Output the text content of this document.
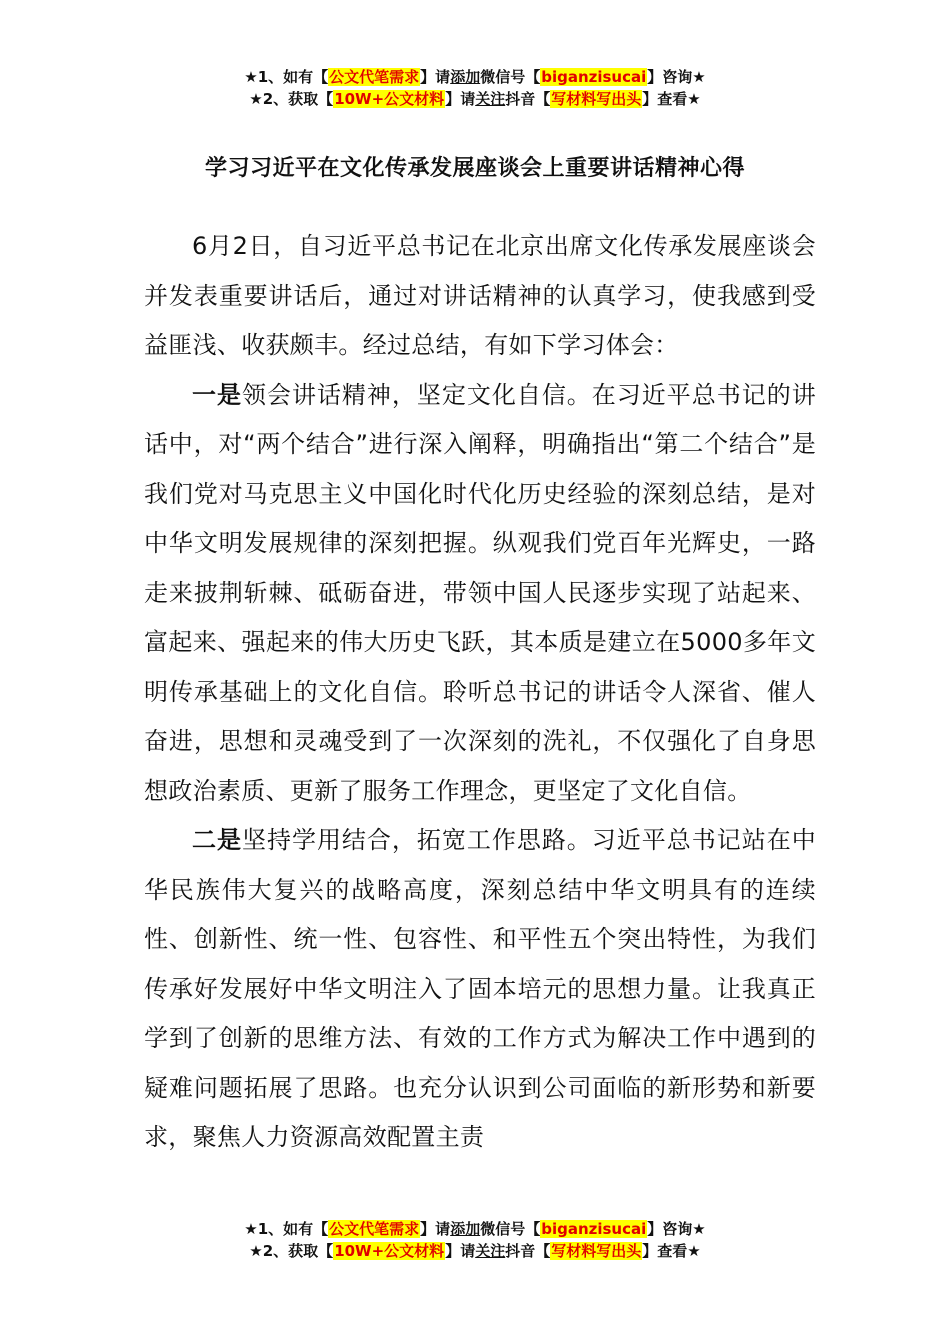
★1、如有【公文代笔需求】请添加微信号【biganzisucai】咨询★
★2、获取【10W+公文材料】请关注抖音【写材料写出头】查看★
学习习近平在文化传承发展座谈会上重要讲话精神心得

6月2日，自习近平总书记在北京出席文化传承发展座谈会并发表重要讲话后，通过对讲话精神的认真学习，使我感到受益匪浅、收获颇丰。经过总结，有如下学习体会：

一是领会讲话精神，坚定文化自信。在习近平总书记的讲话中，对“两个结合”进行深入阐释，明确指出“第二个结合”是我们党对马克思主义中国化时代化历史经验的深刻总结，是对中华文明发展规律的深刻把握。纵观我们党百年光辉史，一路走来披荆斩棘、砥砺奋进，带领中国人民逐步实现了站起来、富起来、强起来的伟大历史飞跃，其本质是建立在5000多年文明传承基础上的文化自信。聆听总书记的讲话令人深省、催人奋进，思想和灵魂受到了一次深刻的洗礼，不仅强化了自身思想政治素质、更新了服务工作理念，更坚定了文化自信。

二是坚持学用结合，拓宽工作思路。习近平总书记站在中华民族伟大复兴的战略高度，深刻总结中华文明具有的连续性、创新性、统一性、包容性、和平性五个突出特性，为我们传承好发展好中华文明注入了固本培元的思想力量。让我真正学到了创新的思维方法、有效的工作方式为解决工作中遇到的疑难问题拓展了思路。也充分认识到公司面临的新形势和新要求，聚焦人力资源高效配置主责

★1、如有【公文代笔需求】请添加微信号【biganzisucai】咨询★
★2、获取【10W+公文材料】请关注抖音【写材料写出头】查看★
